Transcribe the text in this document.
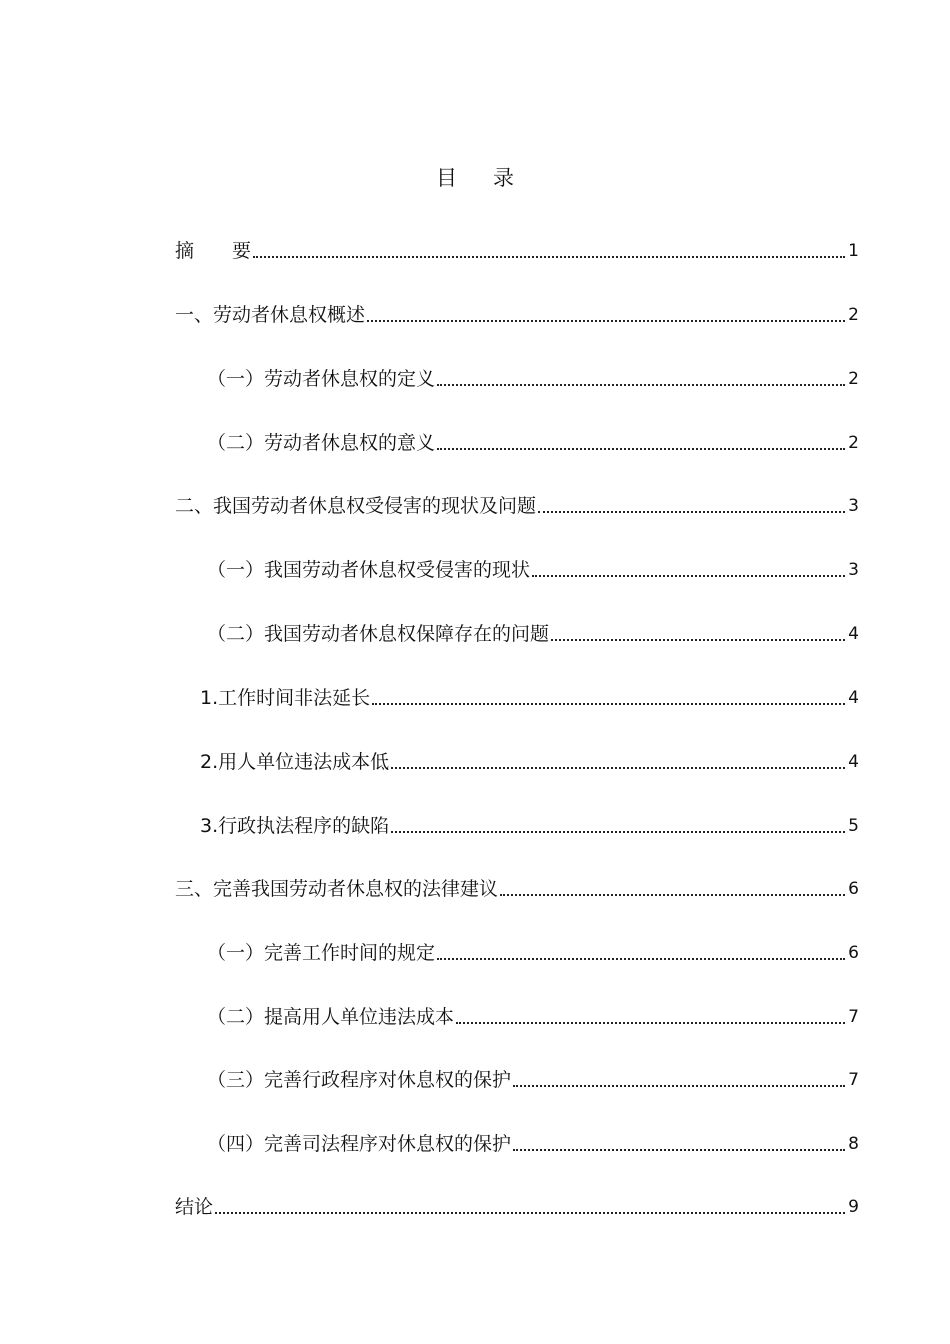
目 录
摘　　要	1
一、劳动者休息权概述	2
（一）劳动者休息权的定义	2
（二）劳动者休息权的意义	2
二、我国劳动者休息权受侵害的现状及问题	3
（一）我国劳动者休息权受侵害的现状	3
（二）我国劳动者休息权保障存在的问题	4
1.工作时间非法延长	4
2.用人单位违法成本低	4
3.行政执法程序的缺陷	5
三、完善我国劳动者休息权的法律建议	6
（一）完善工作时间的规定	6
（二）提高用人单位违法成本	7
（三）完善行政程序对休息权的保护	7
（四）完善司法程序对休息权的保护	8
结论	9
